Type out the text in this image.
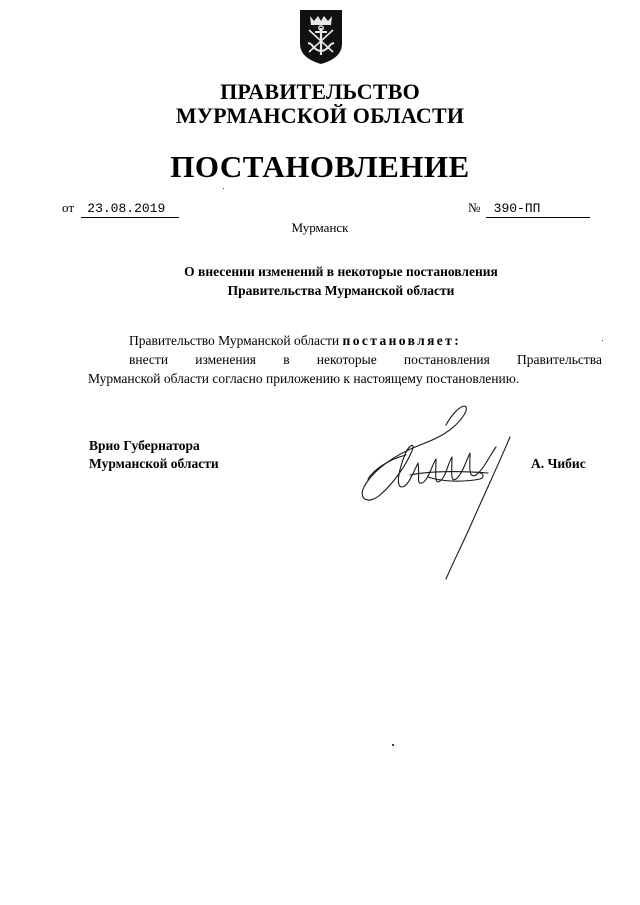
ПРАВИТЕЛЬСТВО
МУРМАНСКОЙ ОБЛАСТИ
ПОСТАНОВЛЕНИЕ
от 23.08.2019	№ 390-ПП
Мурманск
О внесении изменений в некоторые постановления
Правительства Мурманской области
Правительство Мурманской области постановляет:
внести изменения в некоторые постановления Правительства
Мурманской области согласно приложению к настоящему постановлению.
Врио Губернатора
Мурманской области	А. Чибис
